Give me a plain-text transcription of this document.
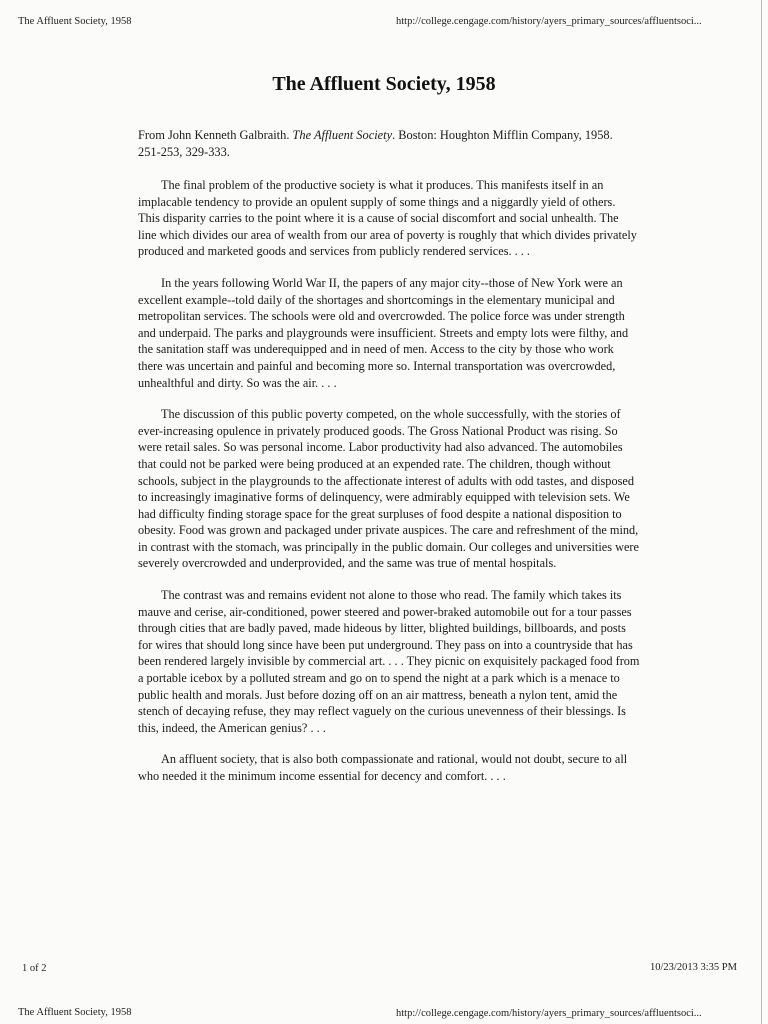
The Affluent Society, 1958	http://college.cengage.com/history/ayers_primary_sources/affluentsoci...
The Affluent Society, 1958
From John Kenneth Galbraith. The Affluent Society. Boston: Houghton Mifflin Company, 1958. 251-253, 329-333.

The final problem of the productive society is what it produces. This manifests itself in an implacable tendency to provide an opulent supply of some things and a niggardly yield of others. This disparity carries to the point where it is a cause of social discomfort and social unhealth. The line which divides our area of wealth from our area of poverty is roughly that which divides privately produced and marketed goods and services from publicly rendered services. . . .

In the years following World War II, the papers of any major city--those of New York were an excellent example--told daily of the shortages and shortcomings in the elementary municipal and metropolitan services. The schools were old and overcrowded. The police force was under strength and underpaid. The parks and playgrounds were insufficient. Streets and empty lots were filthy, and the sanitation staff was underequipped and in need of men. Access to the city by those who work there was uncertain and painful and becoming more so. Internal transportation was overcrowded, unhealthful and dirty. So was the air. . . .

The discussion of this public poverty competed, on the whole successfully, with the stories of ever-increasing opulence in privately produced goods. The Gross National Product was rising. So were retail sales. So was personal income. Labor productivity had also advanced. The automobiles that could not be parked were being produced at an expended rate. The children, though without schools, subject in the playgrounds to the affectionate interest of adults with odd tastes, and disposed to increasingly imaginative forms of delinquency, were admirably equipped with television sets. We had difficulty finding storage space for the great surpluses of food despite a national disposition to obesity. Food was grown and packaged under private auspices. The care and refreshment of the mind, in contrast with the stomach, was principally in the public domain. Our colleges and universities were severely overcrowded and underprovided, and the same was true of mental hospitals.

The contrast was and remains evident not alone to those who read. The family which takes its mauve and cerise, air-conditioned, power steered and power-braked automobile out for a tour passes through cities that are badly paved, made hideous by litter, blighted buildings, billboards, and posts for wires that should long since have been put underground. They pass on into a countryside that has been rendered largely invisible by commercial art. . . . They picnic on exquisitely packaged food from a portable icebox by a polluted stream and go on to spend the night at a park which is a menace to public health and morals. Just before dozing off on an air mattress, beneath a nylon tent, amid the stench of decaying refuse, they may reflect vaguely on the curious unevenness of their blessings. Is this, indeed, the American genius? . . .

An affluent society, that is also both compassionate and rational, would not doubt, secure to all who needed it the minimum income essential for decency and comfort. . . .

1 of 2	10/23/2013 3:35 PM
The Affluent Society, 1958	http://college.cengage.com/history/ayers_primary_sources/affluentsoci...
